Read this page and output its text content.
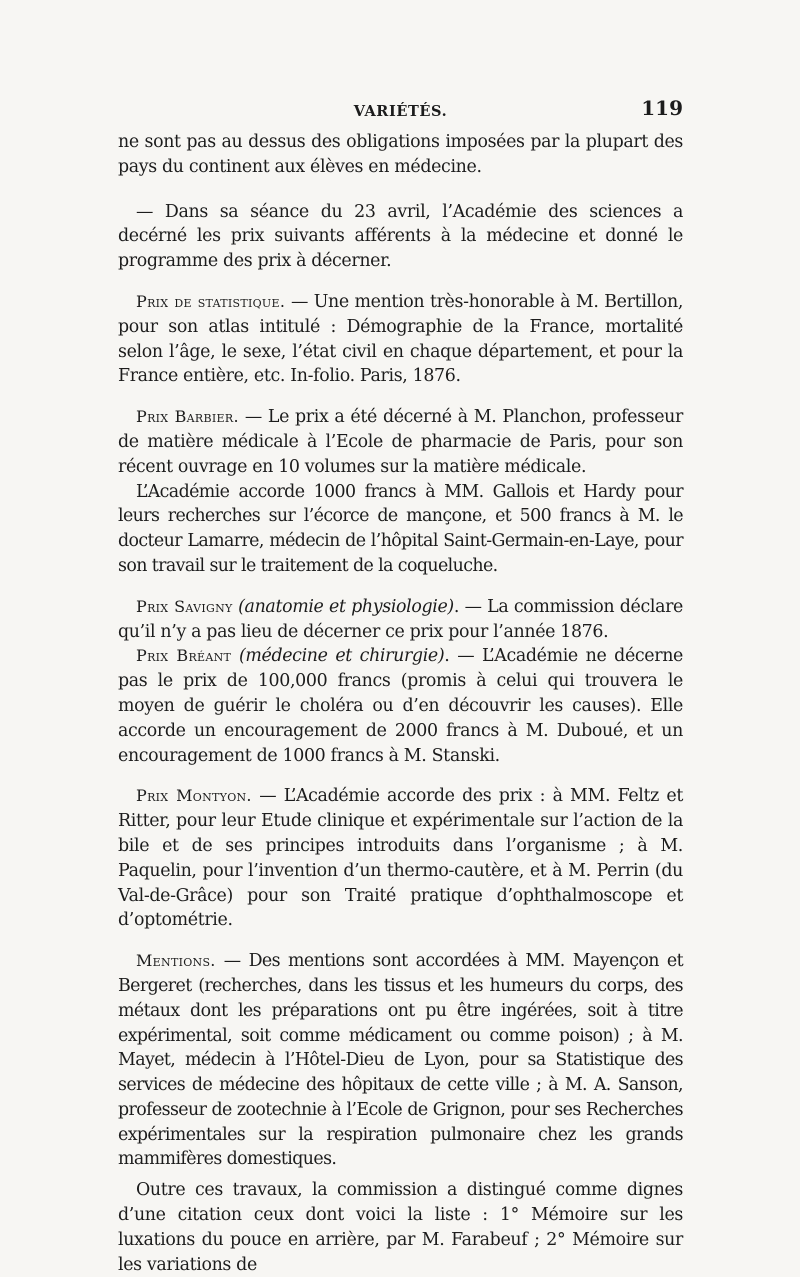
VARIÉTÉS.	119

ne sont pas au dessus des obligations imposées par la plupart des pays du continent aux élèves en médecine.

— Dans sa séance du 23 avril, l’Académie des sciences a decérné les prix suivants afférents à la médecine et donné le programme des prix à décerner.

Prix de statistique. — Une mention très-honorable à M. Bertillon, pour son atlas intitulé : Démographie de la France, mortalité selon l’âge, le sexe, l’état civil en chaque département, et pour la France entière, etc. In-folio. Paris, 1876.

Prix Barbier. — Le prix a été décerné à M. Planchon, professeur de matière médicale à l’Ecole de pharmacie de Paris, pour son récent ouvrage en 10 volumes sur la matière médicale.

L’Académie accorde 1000 francs à MM. Gallois et Hardy pour leurs recherches sur l’écorce de mançone, et 500 francs à M. le docteur Lamarre, médecin de l’hôpital Saint-Germain-en-Laye, pour son travail sur le traitement de la coqueluche.

Prix Savigny (anatomie et physiologie). — La commission déclare qu’il n’y a pas lieu de décerner ce prix pour l’année 1876.

Prix Bréant (médecine et chirurgie). — L’Académie ne décerne pas le prix de 100,000 francs (promis à celui qui trouvera le moyen de guérir le choléra ou d’en découvrir les causes). Elle accorde un encouragement de 2000 francs à M. Duboué, et un encouragement de 1000 francs à M. Stanski.

Prix Montyon. — L’Académie accorde des prix : à MM. Feltz et Ritter, pour leur Etude clinique et expérimentale sur l’action de la bile et de ses principes introduits dans l’organisme ; à M. Paquelin, pour l’invention d’un thermo-cautère, et à M. Perrin (du Val-de-Grâce) pour son Traité pratique d’ophthalmoscope et d’optométrie.

Mentions. — Des mentions sont accordées à MM. Mayençon et Bergeret (recherches, dans les tissus et les humeurs du corps, des métaux dont les préparations ont pu être ingérées, soit à titre expérimental, soit comme médicament ou comme poison) ; à M. Mayet, médecin à l’Hôtel-Dieu de Lyon, pour sa Statistique des services de médecine des hôpitaux de cette ville ; à M. A. Sanson, professeur de zootechnie à l’Ecole de Grignon, pour ses Recherches expérimentales sur la respiration pulmonaire chez les grands mammifères domestiques.

Outre ces travaux, la commission a distingué comme dignes d’une citation ceux dont voici la liste : 1° Mémoire sur les luxations du pouce en arrière, par M. Farabeuf ; 2° Mémoire sur les variations de
